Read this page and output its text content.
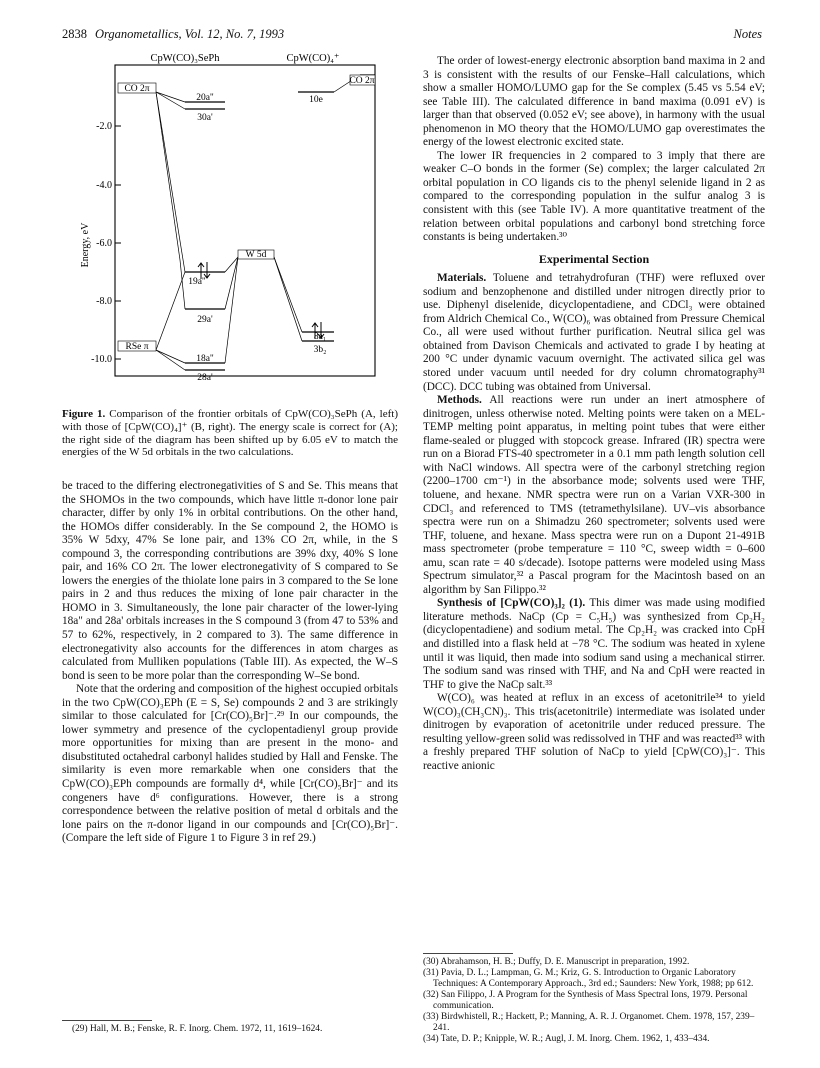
2838 Organometallics, Vol. 12, No. 7, 1993	Notes
CpW(CO)₃SePh	CpW(CO)₄⁺
-2.0
-4.0
-6.0
-8.0
-10.0
Energy, eV
CO 2π
20a"
30a'
19a"
29a'
RSe π
18a"
28a'
W 5d
10e
CO 2π
8a₁
3b₂
Figure 1. Comparison of the frontier orbitals of CpW(CO)₃SePh (A, left) with those of [CpW(CO)₄]⁺ (B, right). The energy scale is correct for (A); the right side of the diagram has been shifted up by 6.05 eV to match the energies of the W 5d orbitals in the two calculations.

be traced to the differing electronegativities of S and Se. This means that the SHOMOs in the two compounds, which have little π-donor lone pair character, differ by only 1% in orbital contributions. On the other hand, the HOMOs differ considerably. In the Se compound 2, the HOMO is 35% W 5dxy, 47% Se lone pair, and 13% CO 2π, while, in the S compound 3, the corresponding contributions are 39% dxy, 40% S lone pair, and 16% CO 2π. The lower electronegativity of S compared to Se lowers the energies of the thiolate lone pairs in 3 compared to the Se lone pairs in 2 and thus reduces the mixing of lone pair character in the HOMO in 3. Simultaneously, the lone pair character of the lower-lying 18a" and 28a' orbitals increases in the S compound 3 (from 47 to 53% and 57 to 62%, respectively, in 2 compared to 3). The same difference in electronegativity also accounts for the differences in atom charges as calculated from Mulliken populations (Table III). As expected, the W–S bond is seen to be more polar than the corresponding W–Se bond.

Note that the ordering and composition of the highest occupied orbitals in the two CpW(CO)₃EPh (E = S, Se) compounds 2 and 3 are strikingly similar to those calculated for [Cr(CO)₅Br]⁻.²⁹ In our compounds, the lower symmetry and presence of the cyclopentadienyl group provide more opportunities for mixing than are present in the mono- and disubstituted octahedral carbonyl halides studied by Hall and Fenske. The similarity is even more remarkable when one considers that the CpW(CO)₃EPh compounds are formally d⁴, while [Cr(CO)₅Br]⁻ and its congeners have d⁶ configurations. However, there is a strong correspondence between the relative position of metal d orbitals and the lone pairs on the π-donor ligand in our compounds and [Cr(CO)₅Br]⁻. (Compare the left side of Figure 1 to Figure 3 in ref 29.)

(29) Hall, M. B.; Fenske, R. F. Inorg. Chem. 1972, 11, 1619–1624.

The order of lowest-energy electronic absorption band maxima in 2 and 3 is consistent with the results of our Fenske–Hall calculations, which show a smaller HOMO/LUMO gap for the Se complex (5.45 vs 5.54 eV; see Table III). The calculated difference in band maxima (0.091 eV) is larger than that observed (0.052 eV; see above), in harmony with the usual phenomenon in MO theory that the HOMO/LUMO gap overestimates the energy of the lowest electronic excited state.

The lower IR frequencies in 2 compared to 3 imply that there are weaker C–O bonds in the former (Se) complex; the larger calculated 2π orbital population in CO ligands cis to the phenyl selenide ligand in 2 as compared to the corresponding population in the sulfur analog 3 is consistent with this (see Table IV). A more quantitative treatment of the relation between orbital populations and carbonyl bond stretching force constants is being undertaken.³⁰

Experimental Section

Materials. Toluene and tetrahydrofuran (THF) were refluxed over sodium and benzophenone and distilled under nitrogen directly prior to use. Diphenyl diselenide, dicyclopentadiene, and CDCl₃ were obtained from Aldrich Chemical Co., W(CO)₆ was obtained from Pressure Chemical Co., all were used without further purification. Neutral silica gel was obtained from Davison Chemicals and activated to grade I by heating at 200 °C under dynamic vacuum overnight. The activated silica gel was stored under vacuum until needed for dry column chromatography³¹ (DCC). DCC tubing was obtained from Universal.

Methods. All reactions were run under an inert atmosphere of dinitrogen, unless otherwise noted. Melting points were taken on a MEL-TEMP melting point apparatus, in melting point tubes that were either flame-sealed or plugged with stopcock grease. Infrared (IR) spectra were run on a Biorad FTS-40 spectrometer in a 0.1 mm path length solution cell with NaCl windows. All spectra were of the carbonyl stretching region (2200–1700 cm⁻¹) in the absorbance mode; solvents used were THF, toluene, and hexane. NMR spectra were run on a Varian VXR-300 in CDCl₃ and referenced to TMS (tetramethylsilane). UV–vis absorbance spectra were run on a Shimadzu 260 spectrometer; solvents used were THF, toluene, and hexane. Mass spectra were run on a Dupont 21-491B mass spectrometer (probe temperature = 110 °C, sweep width = 0–600 amu, scan rate = 40 s/decade). Isotope patterns were modeled using Mass Spectrum simulator,³² a Pascal program for the Macintosh based on an algorithm by San Filippo.³²

Synthesis of [CpW(CO)₃]₂ (1). This dimer was made using modified literature methods. NaCp (Cp = C₅H₅) was synthesized from Cp₂H₂ (dicyclopentadiene) and sodium metal. The Cp₂H₂ was cracked into CpH and distilled into a flask held at −78 °C. The sodium was heated in xylene until it was liquid, then made into sodium sand using a mechanical stirrer. The sodium sand was rinsed with THF, and Na and CpH were reacted in THF to give the NaCp salt.³³

W(CO)₆ was heated at reflux in an excess of acetonitrile³⁴ to yield W(CO)₃(CH₃CN)₃. This tris(acetonitrile) intermediate was isolated under dinitrogen by evaporation of acetonitrile under reduced pressure. The resulting yellow-green solid was redissolved in THF and was reacted³³ with a freshly prepared THF solution of NaCp to yield [CpW(CO)₃]⁻. This reactive anionic

(30) Abrahamson, H. B.; Duffy, D. E. Manuscript in preparation, 1992.

(31) Pavia, D. L.; Lampman, G. M.; Kriz, G. S. Introduction to Organic Laboratory Techniques: A Contemporary Approach., 3rd ed.; Saunders: New York, 1988; pp 612.

(32) San Filippo, J. A Program for the Synthesis of Mass Spectral Ions, 1979. Personal communication.

(33) Birdwhistell, R.; Hackett, P.; Manning, A. R. J. Organomet. Chem. 1978, 157, 239–241.

(34) Tate, D. P.; Knipple, W. R.; Augl, J. M. Inorg. Chem. 1962, 1, 433–434.
